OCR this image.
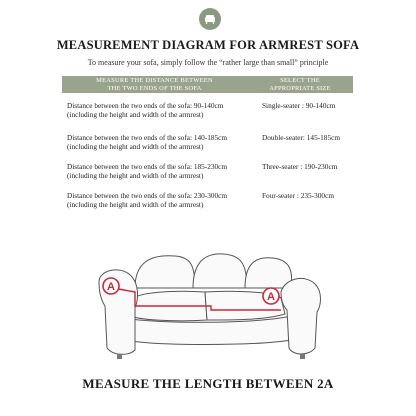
MEASUREMENT DIAGRAM FOR ARMREST SOFA
To measure your sofa, simply follow the “rather large than small” principle
MEASURE THE DISTANCE BETWEEN
THE TWO ENDS OF THE SOFA
SELECT THE
APPROPRIATE SIZE
Distance between the two ends of the sofa: 90-140cm
(including the height and width of the armrest)
Single-seater : 90-140cm
Distance between the two ends of the sofa: 140-185cm
(including the height and width of the armrest)
Double-seater: 145-185cm
Distance between the two ends of the sofa: 185-230cm
(including the height and width of the armrest)
Three-seater : 190-230cm
Distance between the two ends of the sofa: 230-300cm
(including the height and width of the armrest)
Four-seater : 235-300cm
A
A
MEASURE THE LENGTH BETWEEN 2A
